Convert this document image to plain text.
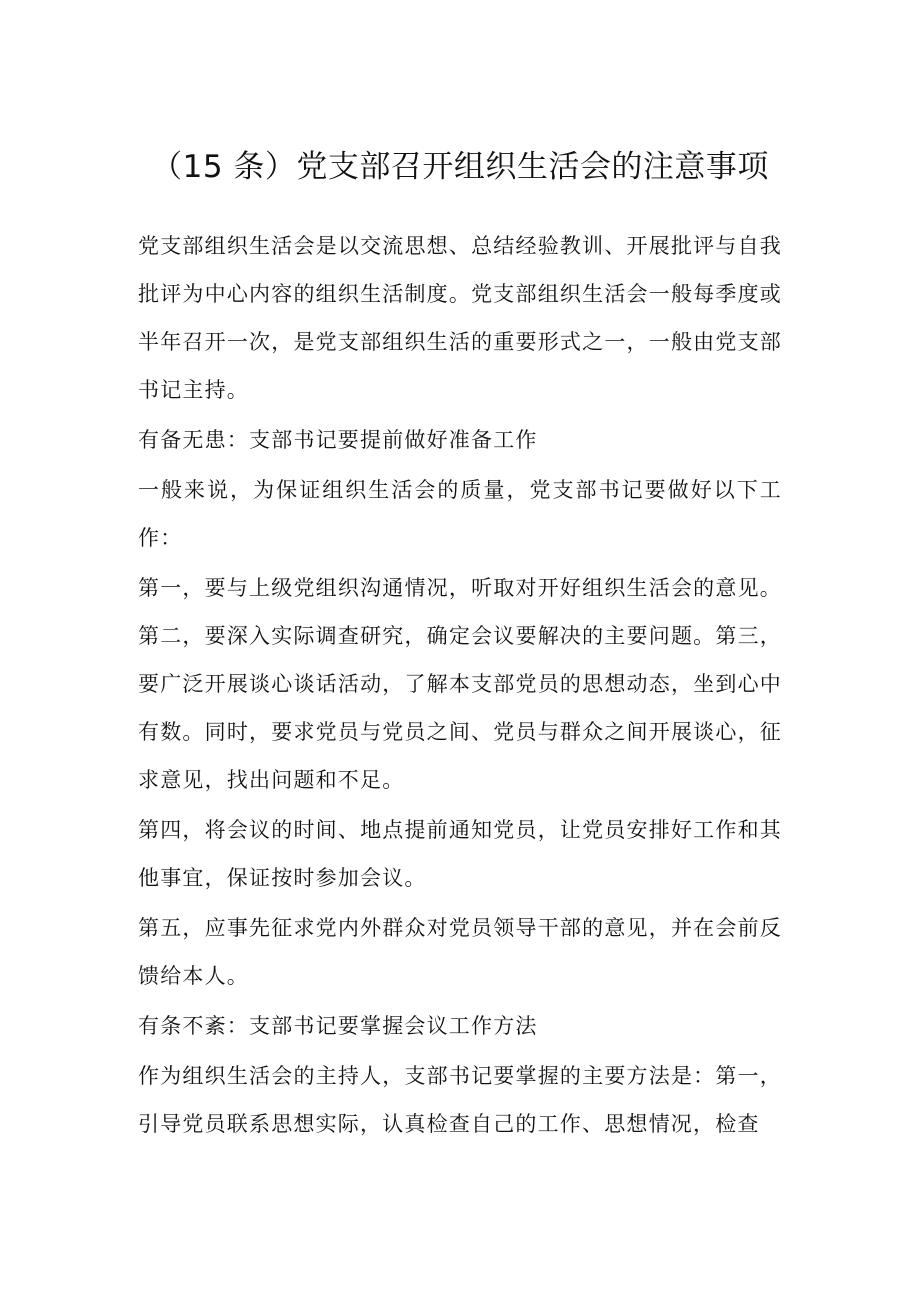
（15 条）党支部召开组织生活会的注意事项

党支部组织生活会是以交流思想、总结经验教训、开展批评与自我批评为中心内容的组织生活制度。党支部组织生活会一般每季度或半年召开一次，是党支部组织生活的重要形式之一，一般由党支部书记主持。

有备无患：支部书记要提前做好准备工作

一般来说，为保证组织生活会的质量，党支部书记要做好以下工作：

第一，要与上级党组织沟通情况，听取对开好组织生活会的意见。第二，要深入实际调查研究，确定会议要解决的主要问题。第三，要广泛开展谈心谈话活动，了解本支部党员的思想动态，坐到心中有数。同时，要求党员与党员之间、党员与群众之间开展谈心，征求意见，找出问题和不足。

第四，将会议的时间、地点提前通知党员，让党员安排好工作和其他事宜，保证按时参加会议。

第五，应事先征求党内外群众对党员领导干部的意见，并在会前反馈给本人。

有条不紊：支部书记要掌握会议工作方法

作为组织生活会的主持人，支部书记要掌握的主要方法是：第一，引导党员联系思想实际，认真检查自己的工作、思想情况，检查
